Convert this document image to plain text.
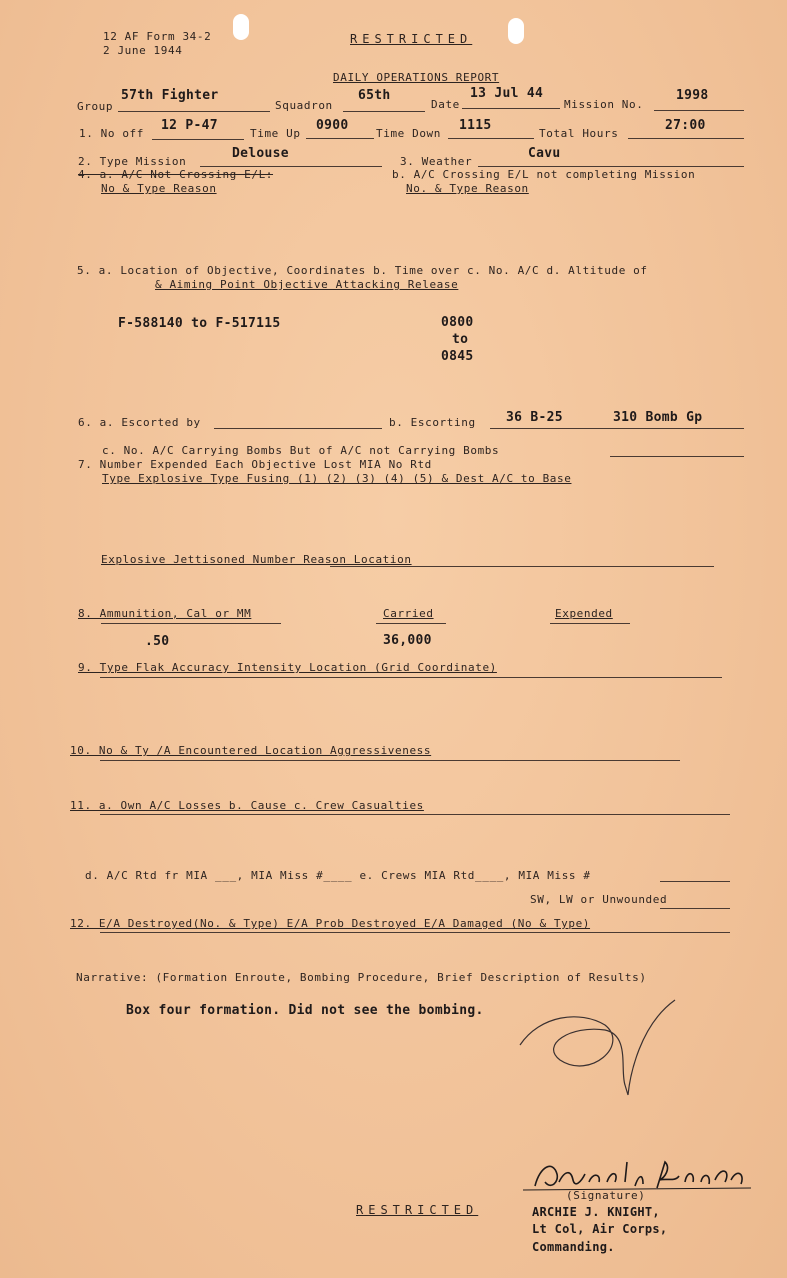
12 AF Form 34-2
2 June 1944
RESTRICTED
DAILY OPERATIONS REPORT
Group
57th Fighter
Squadron
65th
Date
13 Jul 44
Mission No.
1998
1. No off
12 P-47
Time Up
0900
Time Down
1115
Total Hours
27:00
2. Type Mission
Delouse
3. Weather
Cavu
4. a. A/C Not Crossing E/L:	b. A/C Crossing E/L not completing Mission
No & Type Reason	No. & Type Reason
5. a. Location of Objective, Coordinates b. Time over c. No. A/C d. Altitude of
& Aiming Point Objective Attacking Release
F-588140 to F-517115	0800
to
0845
6. a. Escorted by	b. Escorting 36 B-25	310 Bomb Gp
c. No. A/C Carrying Bombs But of A/C not Carrying Bombs
7. Number Expended Each Objective Lost MIA No Rtd
Type Explosive Type Fusing (1) (2) (3) (4) (5) & Dest A/C to Base
Explosive Jettisoned Number Reason Location
8. Ammunition, Cal or MM	Carried	Expended
.50	36,000
9. Type Flak Accuracy Intensity Location (Grid Coordinate)
10. No & Ty /A Encountered Location Aggressiveness
11. a. Own A/C Losses b. Cause c. Crew Casualties
d. A/C Rtd fr MIA ___, MIA Miss #____ e. Crews MIA Rtd____, MIA Miss #
SW, LW or Unwounded
12. E/A Destroyed(No. & Type) E/A Prob Destroyed E/A Damaged (No & Type)
Narrative: (Formation Enroute, Bombing Procedure, Brief Description of Results)
Box four formation. Did not see the bombing.
RESTRICTED
(Signature)
ARCHIE J. KNIGHT,
Lt Col, Air Corps,
Commanding.
